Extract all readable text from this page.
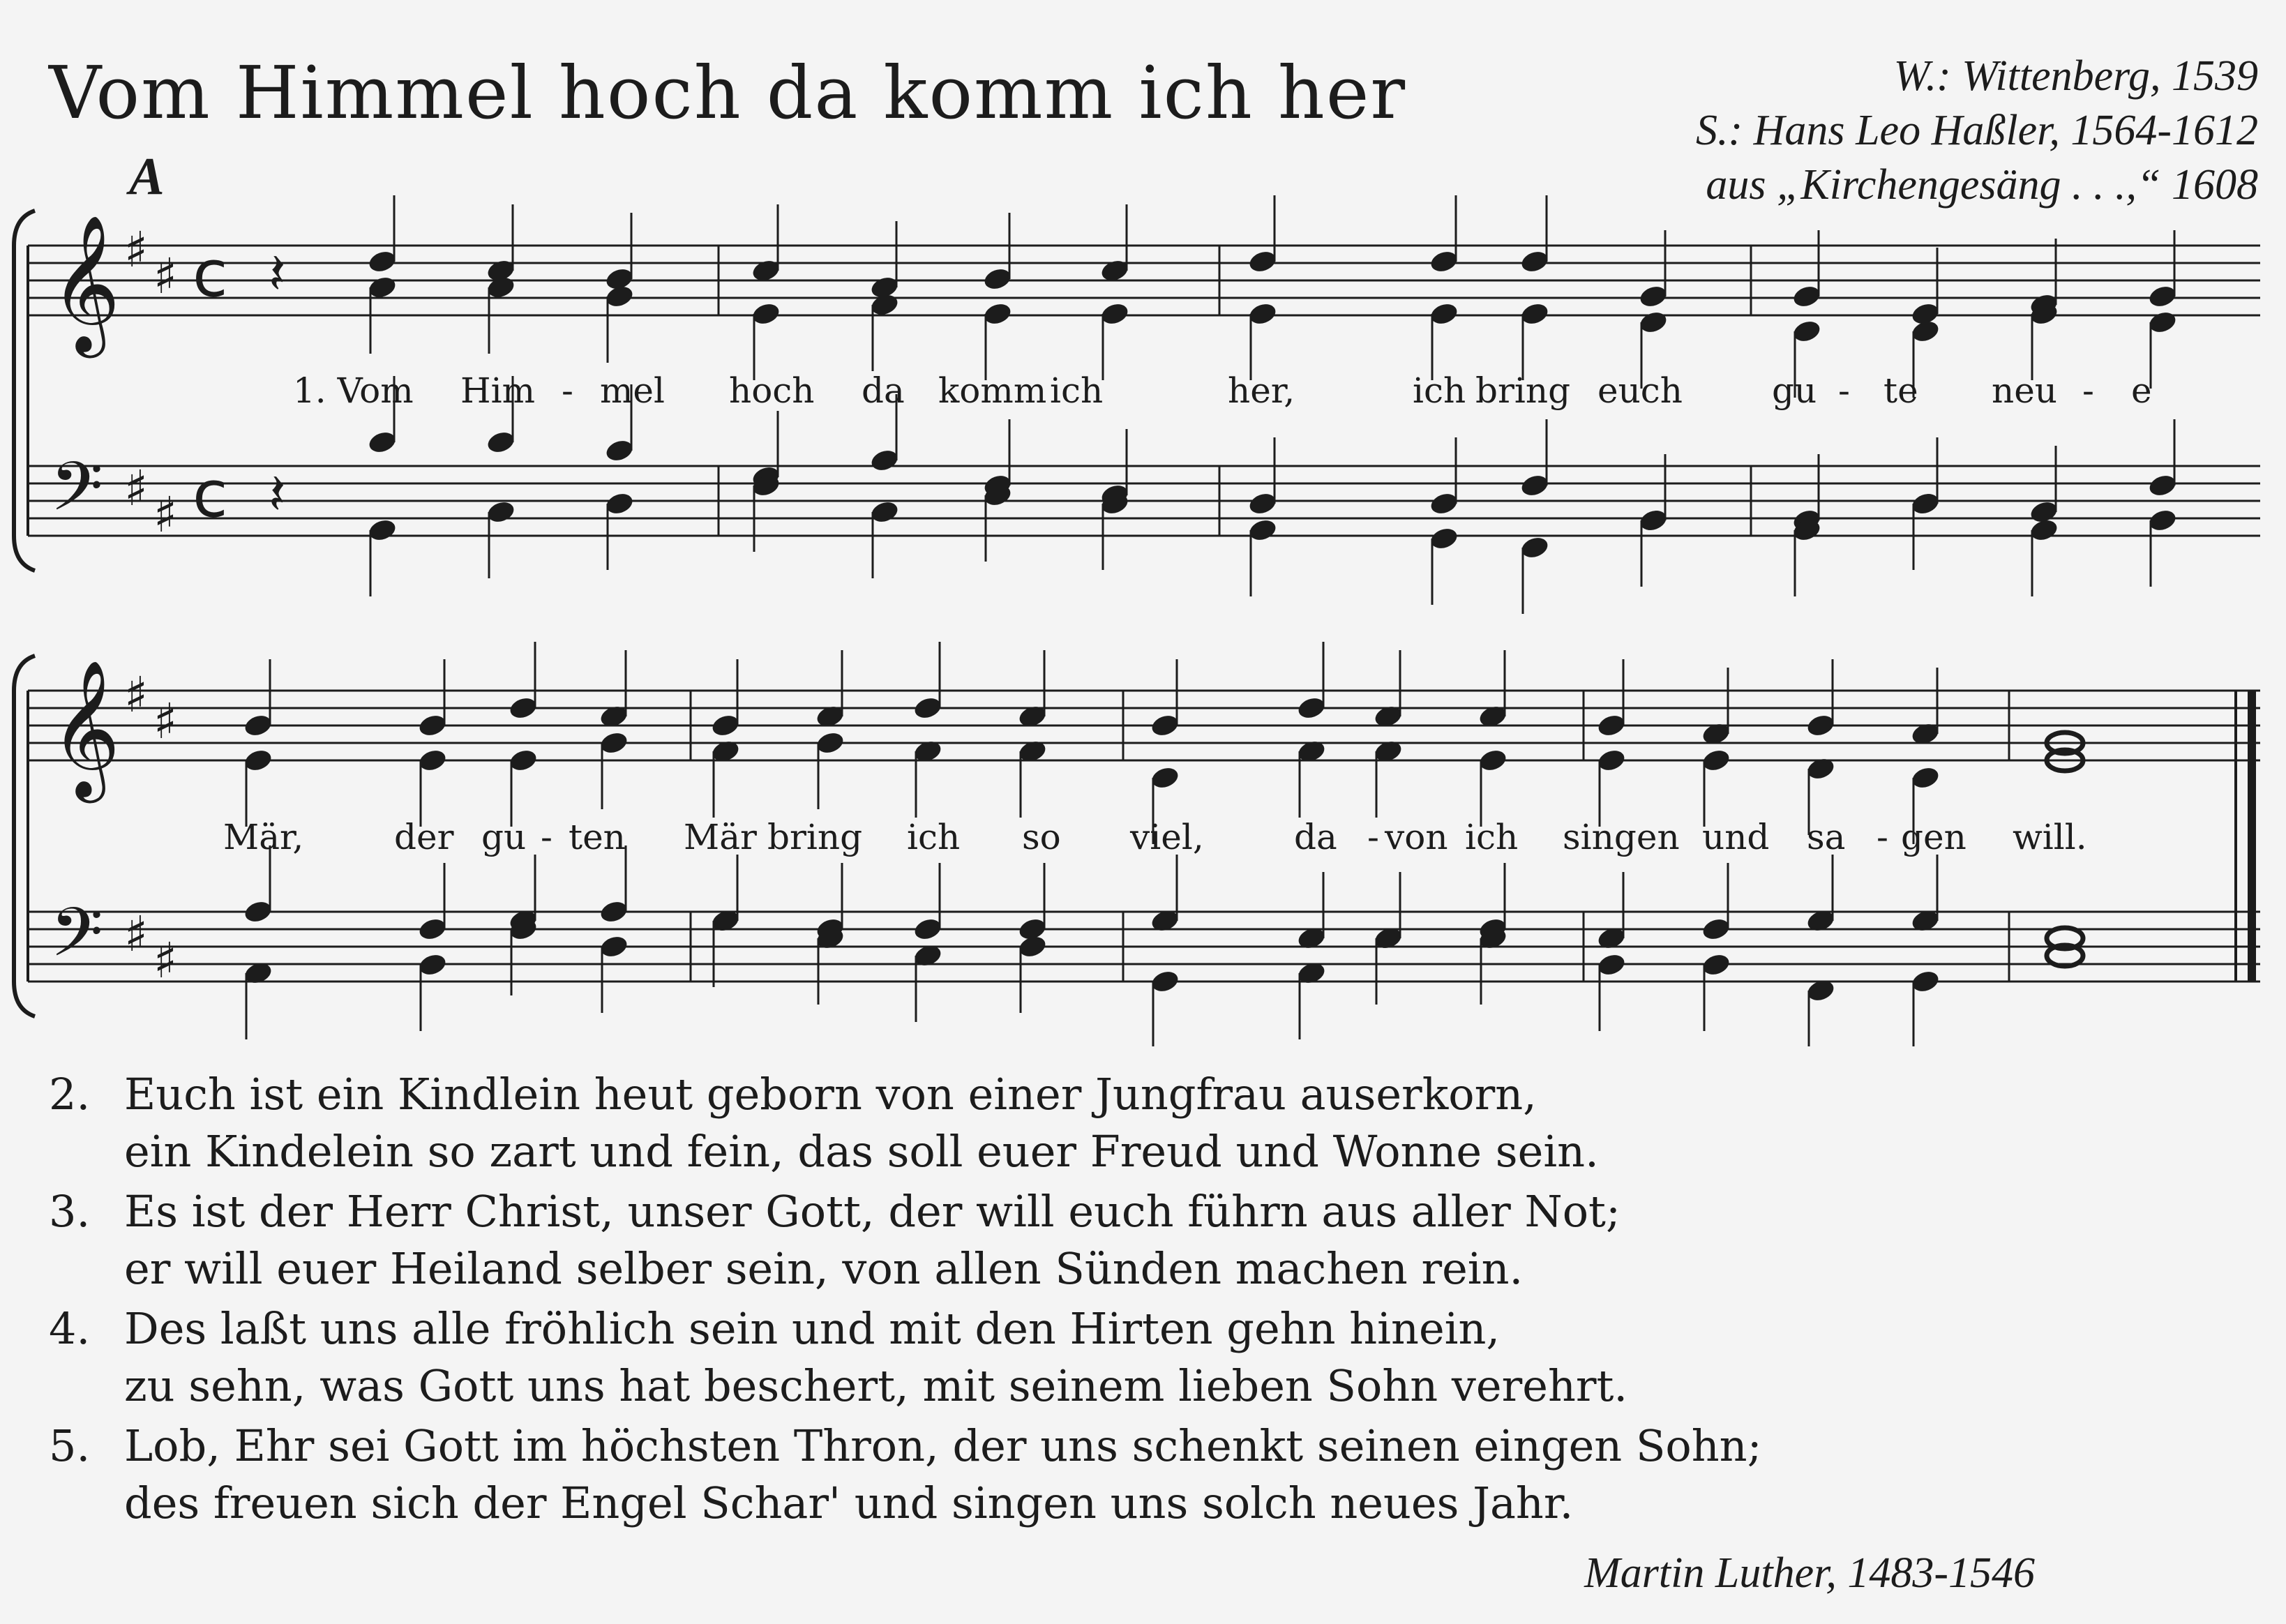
Vom Himmel hoch da komm ich her	W.: Wittenberg, 1539
S.: Hans Leo Haßler, 1564-1612
aus „Kirchengesäng . . .,“ 1608
A
𝄞
𝄞
𝄢
𝄢
♯ ♯ c
♯ ♯ c
♯ ♯
♯ ♯
𝄽
𝄽
1. Vom Him - mel hoch da komm ich	her,	ich bring euch	gu - te neu - e
Mär,	der gu - ten Mär bring ich so viel,	da - von ich singen und sa - gen will.
2. Euch ist ein Kindlein heut geborn von einer Jungfrau auserkorn,
ein Kindelein so zart und fein, das soll euer Freud und Wonne sein.
3. Es ist der Herr Christ, unser Gott, der will euch führn aus aller Not;
er will euer Heiland selber sein, von allen Sünden machen rein.
4. Des laßt uns alle fröhlich sein und mit den Hirten gehn hinein,
zu sehn, was Gott uns hat beschert, mit seinem lieben Sohn verehrt.
5. Lob, Ehr sei Gott im höchsten Thron, der uns schenkt seinen eingen Sohn;
des freuen sich der Engel Schar' und singen uns solch neues Jahr.
Martin Luther, 1483-1546
